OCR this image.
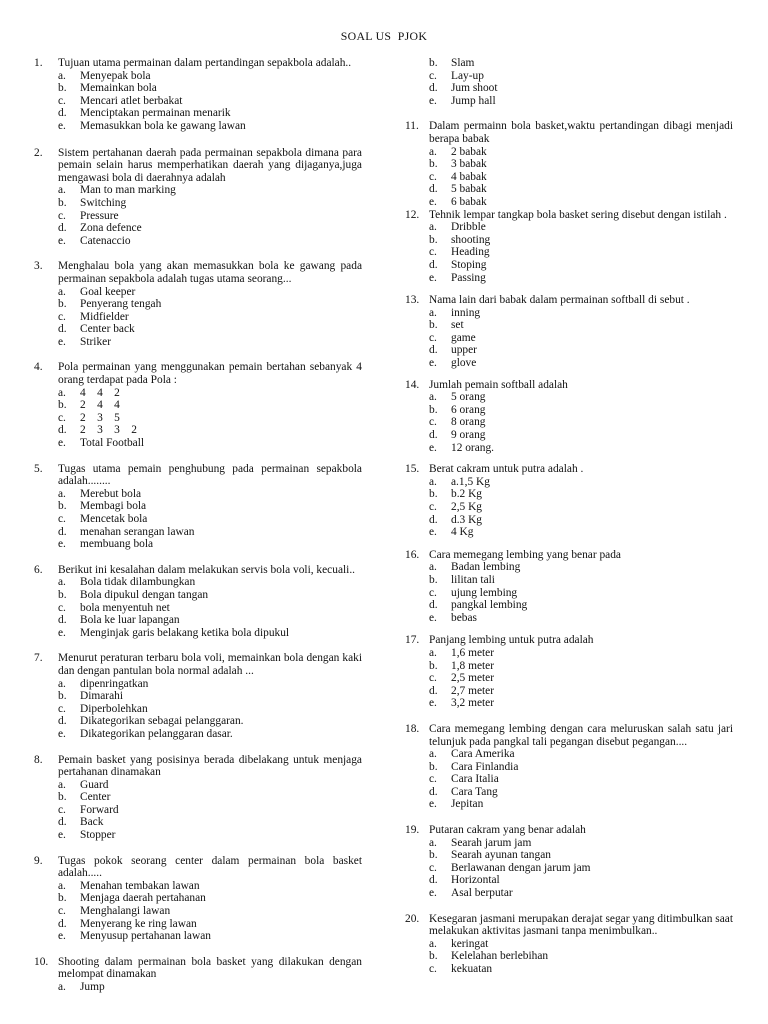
SOAL US  PJOK
1.	Tujuan utama permainan dalam pertandingan sepakbola adalah..
a.	Menyepak bola
b.	Memainkan bola
c.	Mencari atlet berbakat
d.	Menciptakan permainan menarik
e.	Memasukkan bola ke gawang lawan
2.	Sistem pertahanan daerah pada permainan sepakbola dimana para pemain selain harus memperhatikan daerah yang dijaganya,juga mengawasi bola di daerahnya adalah
a.	Man to man marking
b.	Switching
c.	Pressure
d.	Zona defence
e.	Catenaccio
3.	Menghalau bola yang akan memasukkan bola ke gawang pada permainan sepakbola adalah tugas utama seorang...
a.	Goal keeper
b.	Penyerang tengah
c.	Midfielder
d.	Center back
e.	Striker
4.	Pola permainan yang menggunakan pemain bertahan sebanyak 4 orang terdapat pada Pola :
a.	4    4    2
b.	2    4    4
c.	2    3    5
d.	2    3    3    2
e.	Total Football
5.	Tugas utama pemain penghubung pada permainan sepakbola adalah........
a.	Merebut bola
b.	Membagi bola
c.	Mencetak bola
d.	menahan serangan lawan
e.	membuang bola
6.	Berikut ini kesalahan dalam melakukan servis bola voli, kecuali..
a.	Bola tidak dilambungkan
b.	Bola dipukul dengan tangan
c.	bola menyentuh net
d.	Bola ke luar lapangan
e.	Menginjak garis belakang ketika bola dipukul
7.	Menurut peraturan terbaru bola voli, memainkan bola dengan kaki dan dengan pantulan bola normal adalah ...
a.	dipenringatkan
b.	Dimarahi
c.	Diperbolehkan
d.	Dikategorikan sebagai pelanggaran.
e.	Dikategorikan pelanggaran dasar.
8.	Pemain basket yang posisinya berada dibelakang untuk menjaga pertahanan dinamakan
a.	Guard
b.	Center
c.	Forward
d.	Back
e.	Stopper
9.	Tugas pokok seorang center dalam permainan bola basket adalah.....
a.	Menahan tembakan lawan
b.	Menjaga daerah pertahanan
c.	Menghalangi lawan
d.	Menyerang ke ring lawan
e.	Menyusup pertahanan lawan
10. Shooting dalam permainan bola basket yang dilakukan dengan melompat dinamakan
a.	Jump
b.	Slam
c.	Lay-up
d.	Jum shoot
e.	Jump hall
11. Dalam permainn bola basket,waktu pertandingan dibagi menjadi berapa babak
a.	2 babak
b.	3 babak
c.	4 babak
d.	5 babak
e.	6 babak
12. Tehnik lempar tangkap bola basket sering disebut dengan istilah .
a.	Dribble
b.	shooting
c.	Heading
d.	Stoping
e.	Passing
13. Nama lain dari babak dalam permainan softball di sebut .
a.	inning
b.	set
c.	game
d.	upper
e.	glove
14. Jumlah pemain softball adalah
a.	5 orang
b.	6 orang
c.	8 orang
d.	9 orang
e.	12 orang.
15. Berat cakram untuk putra adalah .
a.	a.1,5 Kg
b.	b.2 Kg
c.	2,5 Kg
d.	d.3 Kg
e.	4 Kg
16. Cara memegang lembing yang benar pada
a.	Badan lembing
b.	lilitan tali
c.	ujung lembing
d.	pangkal lembing
e.	bebas
17. Panjang lembing untuk putra adalah
a.	1,6 meter
b.	1,8 meter
c.	2,5 meter
d.	2,7 meter
e.	3,2 meter
18. Cara memegang lembing dengan cara meluruskan salah satu jari telunjuk pada pangkal tali pegangan disebut pegangan....
a.	Cara Amerika
b.	Cara Finlandia
c.	Cara Italia
d.	Cara Tang
e.	Jepitan
19. Putaran cakram yang benar adalah
a.	Searah jarum jam
b.	Searah ayunan tangan
c.	Berlawanan dengan jarum jam
d.	Horizontal
e.	Asal berputar
20. Kesegaran jasmani merupakan derajat segar yang ditimbulkan saat melakukan aktivitas jasmani tanpa menimbulkan..
a.	keringat
b.	Kelelahan berlebihan
c.	kekuatan
